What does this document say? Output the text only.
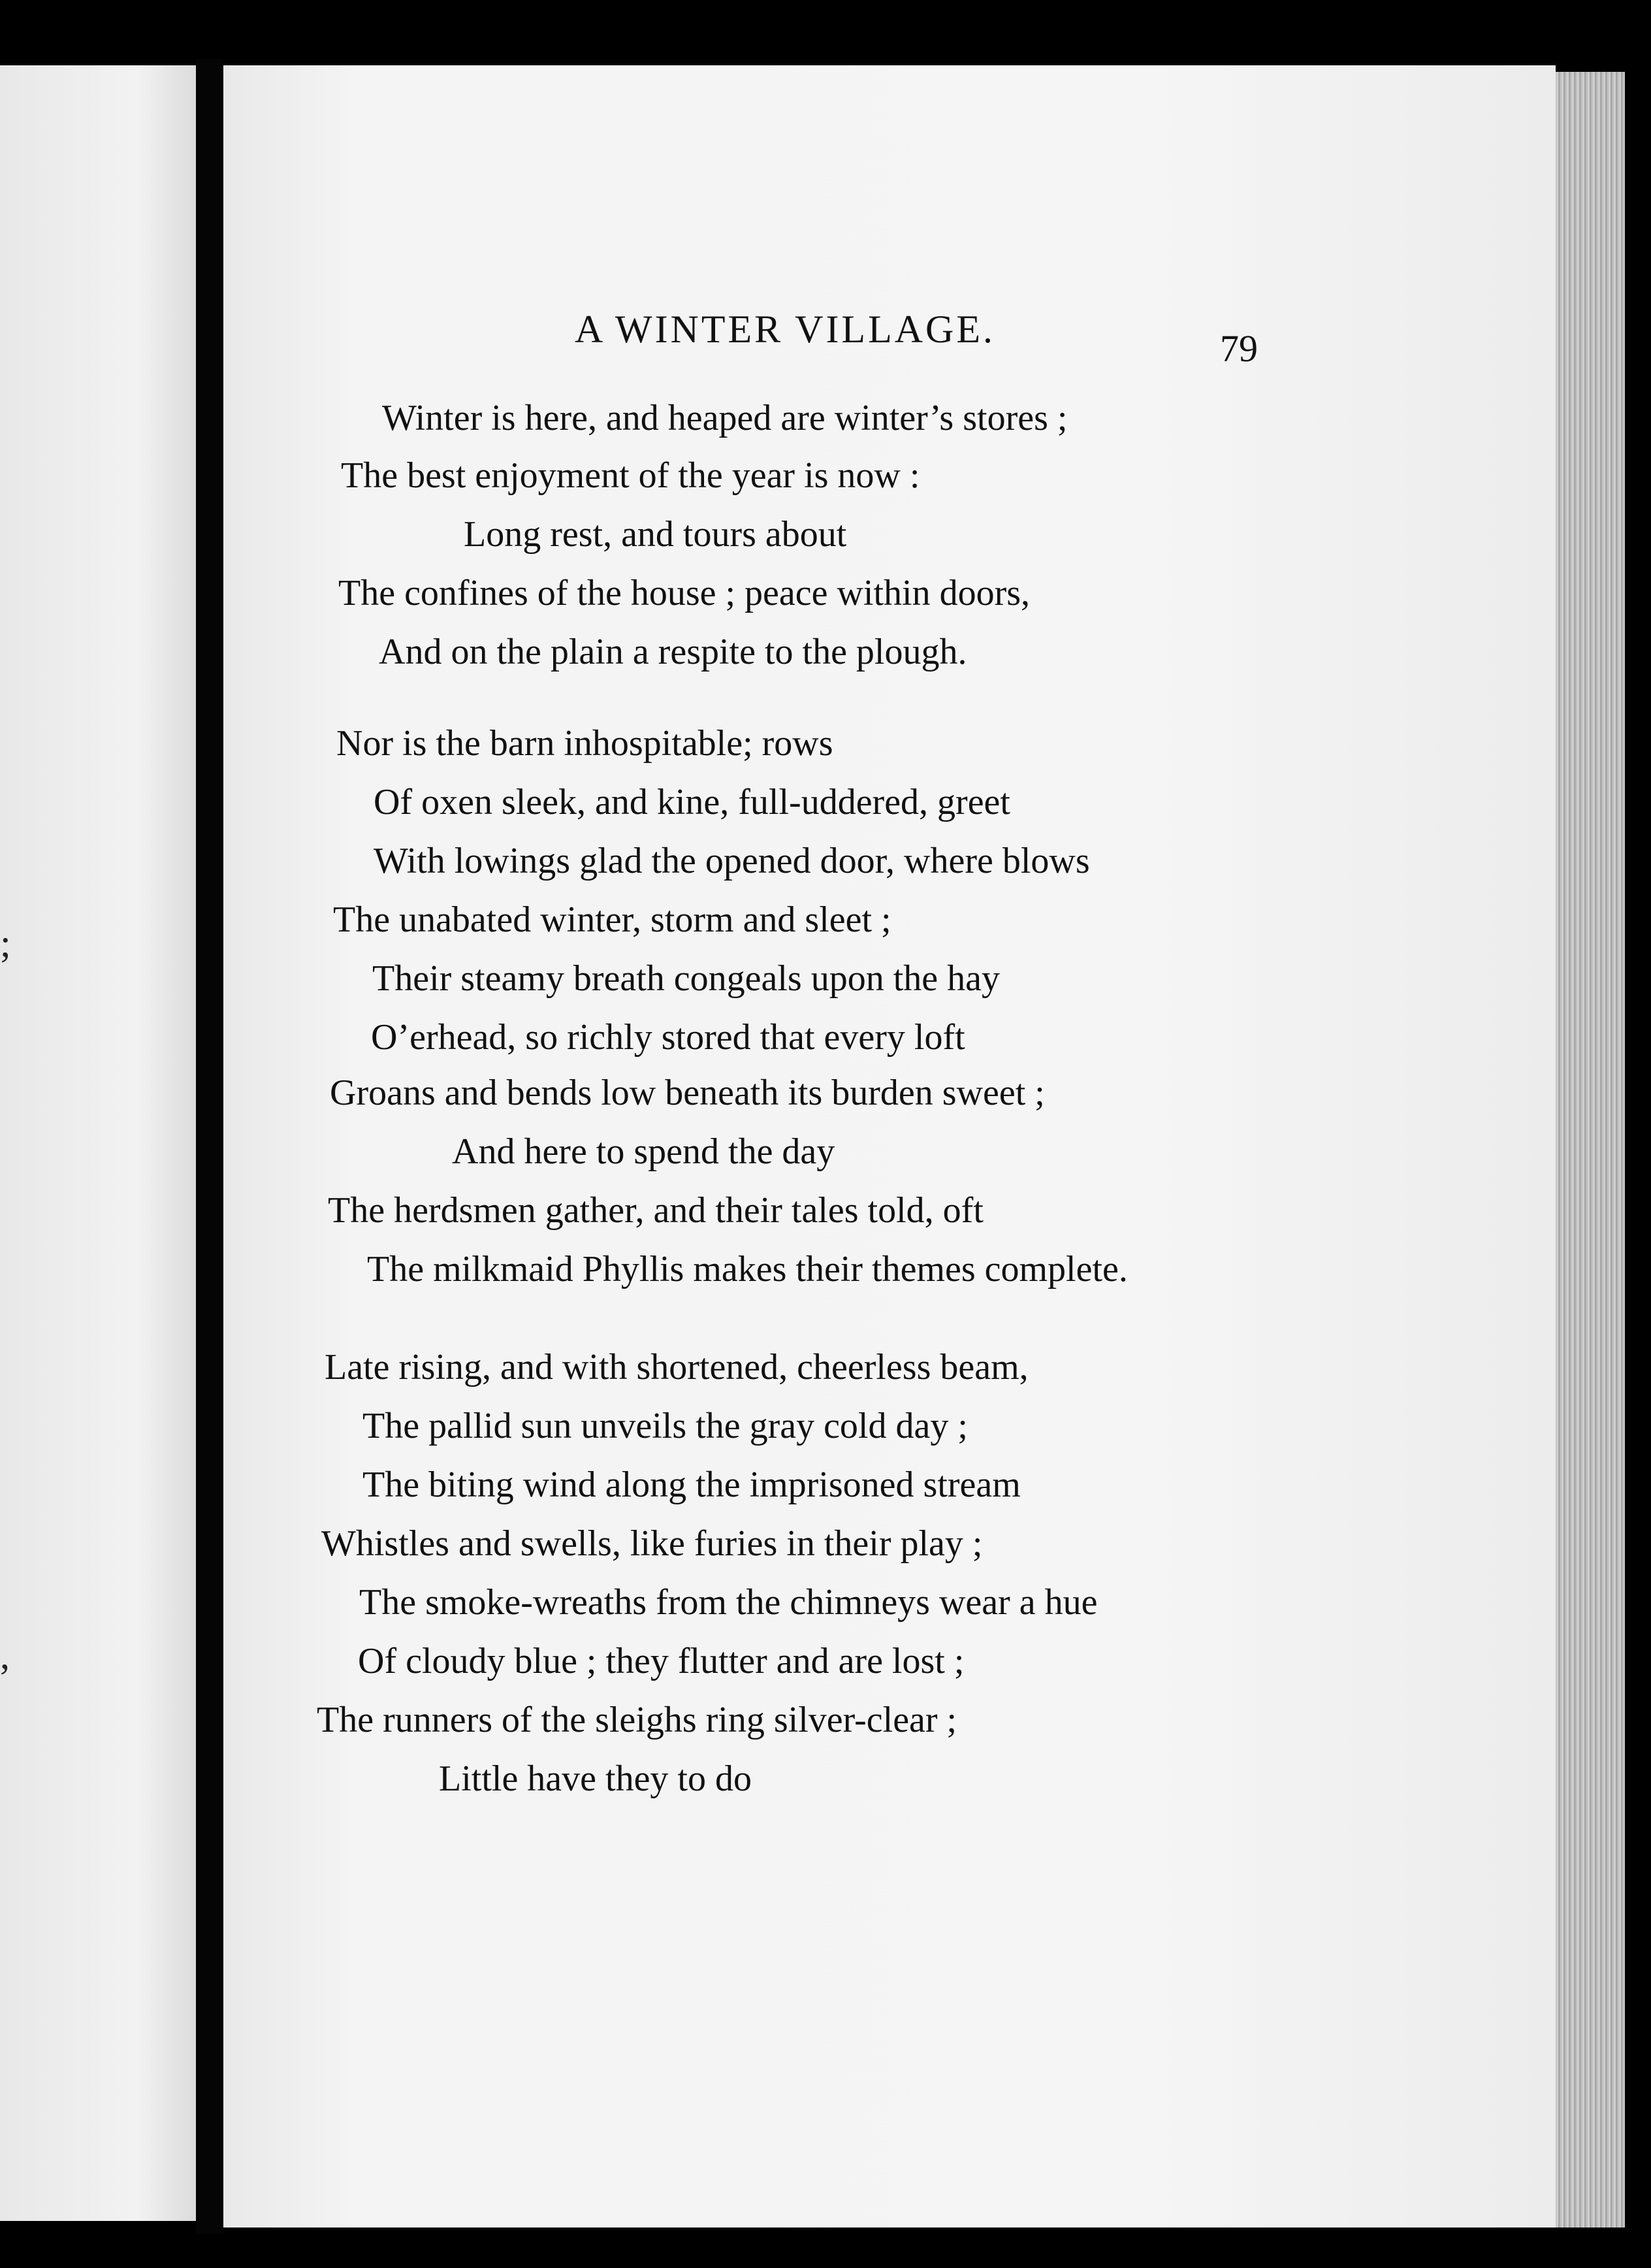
;
,
A WINTER VILLAGE.	79
Winter is here, and heaped are winter’s stores ;
The best enjoyment of the year is now :
Long rest, and tours about
The confines of the house ; peace within doors,
And on the plain a respite to the plough.
Nor is the barn inhospitable; rows
Of oxen sleek, and kine, full-uddered, greet
With lowings glad the opened door, where blows
The unabated winter, storm and sleet ;
Their steamy breath congeals upon the hay
O’erhead, so richly stored that every loft
Groans and bends low beneath its burden sweet ;
And here to spend the day
The herdsmen gather, and their tales told, oft
The milkmaid Phyllis makes their themes complete.
Late rising, and with shortened, cheerless beam,
The pallid sun unveils the gray cold day ;
The biting wind along the imprisoned stream
Whistles and swells, like furies in their play ;
The smoke-wreaths from the chimneys wear a hue
Of cloudy blue ; they flutter and are lost ;
The runners of the sleighs ring silver-clear ;
Little have they to do
